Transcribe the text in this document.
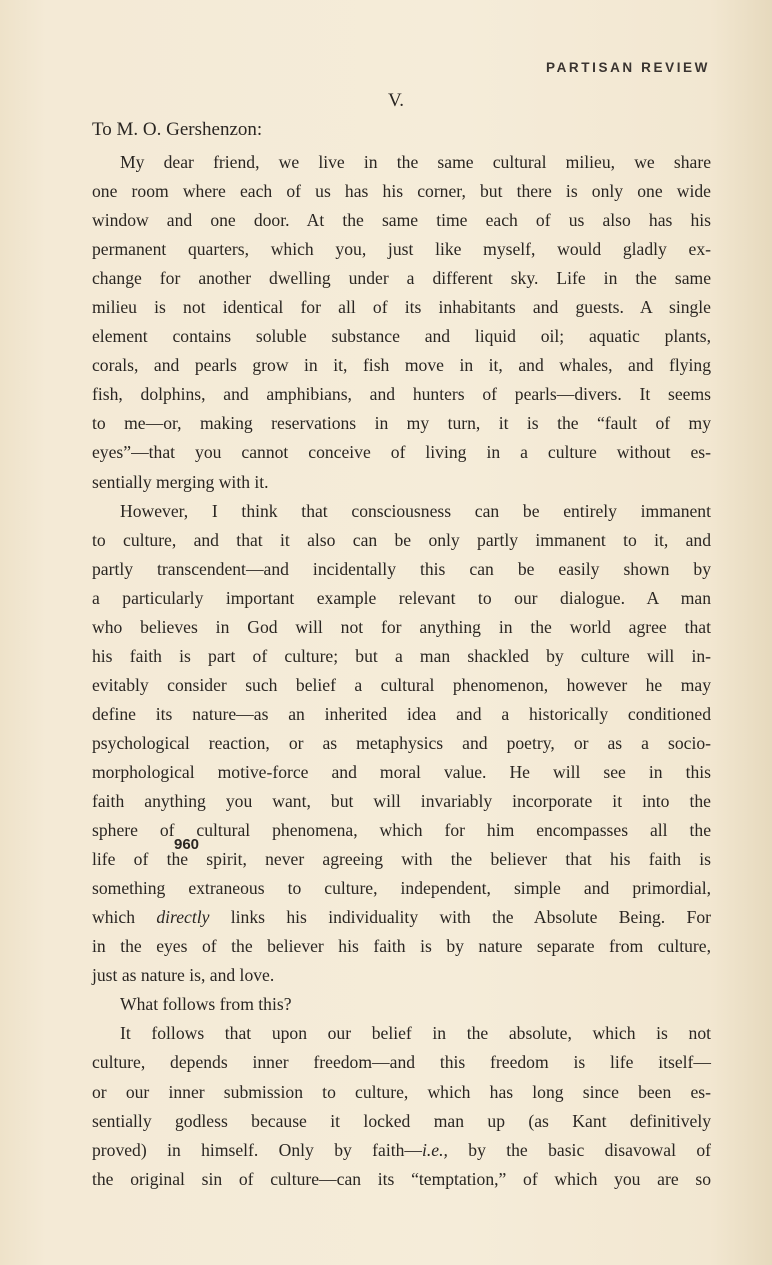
PARTISAN REVIEW
V.
To M. O. Gershenzon:
My dear friend, we live in the same cultural milieu, we share
one room where each of us has his corner, but there is only one wide
window and one door. At the same time each of us also has his
permanent quarters, which you, just like myself, would gladly ex-
change for another dwelling under a different sky. Life in the same
milieu is not identical for all of its inhabitants and guests. A single
element contains soluble substance and liquid oil; aquatic plants,
corals, and pearls grow in it, fish move in it, and whales, and flying
fish, dolphins, and amphibians, and hunters of pearls—divers. It seems
to me—or, making reservations in my turn, it is the “fault of my
eyes”—that you cannot conceive of living in a culture without es-
sentially merging with it.
However, I think that consciousness can be entirely immanent
to culture, and that it also can be only partly immanent to it, and
partly transcendent—and incidentally this can be easily shown by
a particularly important example relevant to our dialogue. A man
who believes in God will not for anything in the world agree that
his faith is part of culture; but a man shackled by culture will in-
evitably consider such belief a cultural phenomenon, however he may
define its nature—as an inherited idea and a historically conditioned
psychological reaction, or as metaphysics and poetry, or as a socio-
morphological motive-force and moral value. He will see in this
faith anything you want, but will invariably incorporate it into the
sphere of cultural phenomena, which for him encompasses all the
life of the spirit, never agreeing with the believer that his faith is
something extraneous to culture, independent, simple and primordial,
which directly links his individuality with the Absolute Being. For
in the eyes of the believer his faith is by nature separate from culture,
just as nature is, and love.
What follows from this?
It follows that upon our belief in the absolute, which is not
culture, depends inner freedom—and this freedom is life itself—
or our inner submission to culture, which has long since been es-
sentially godless because it locked man up (as Kant definitively
proved) in himself. Only by faith—i.e., by the basic disavowal of
the original sin of culture—can its “temptation,” of which you are so
960
